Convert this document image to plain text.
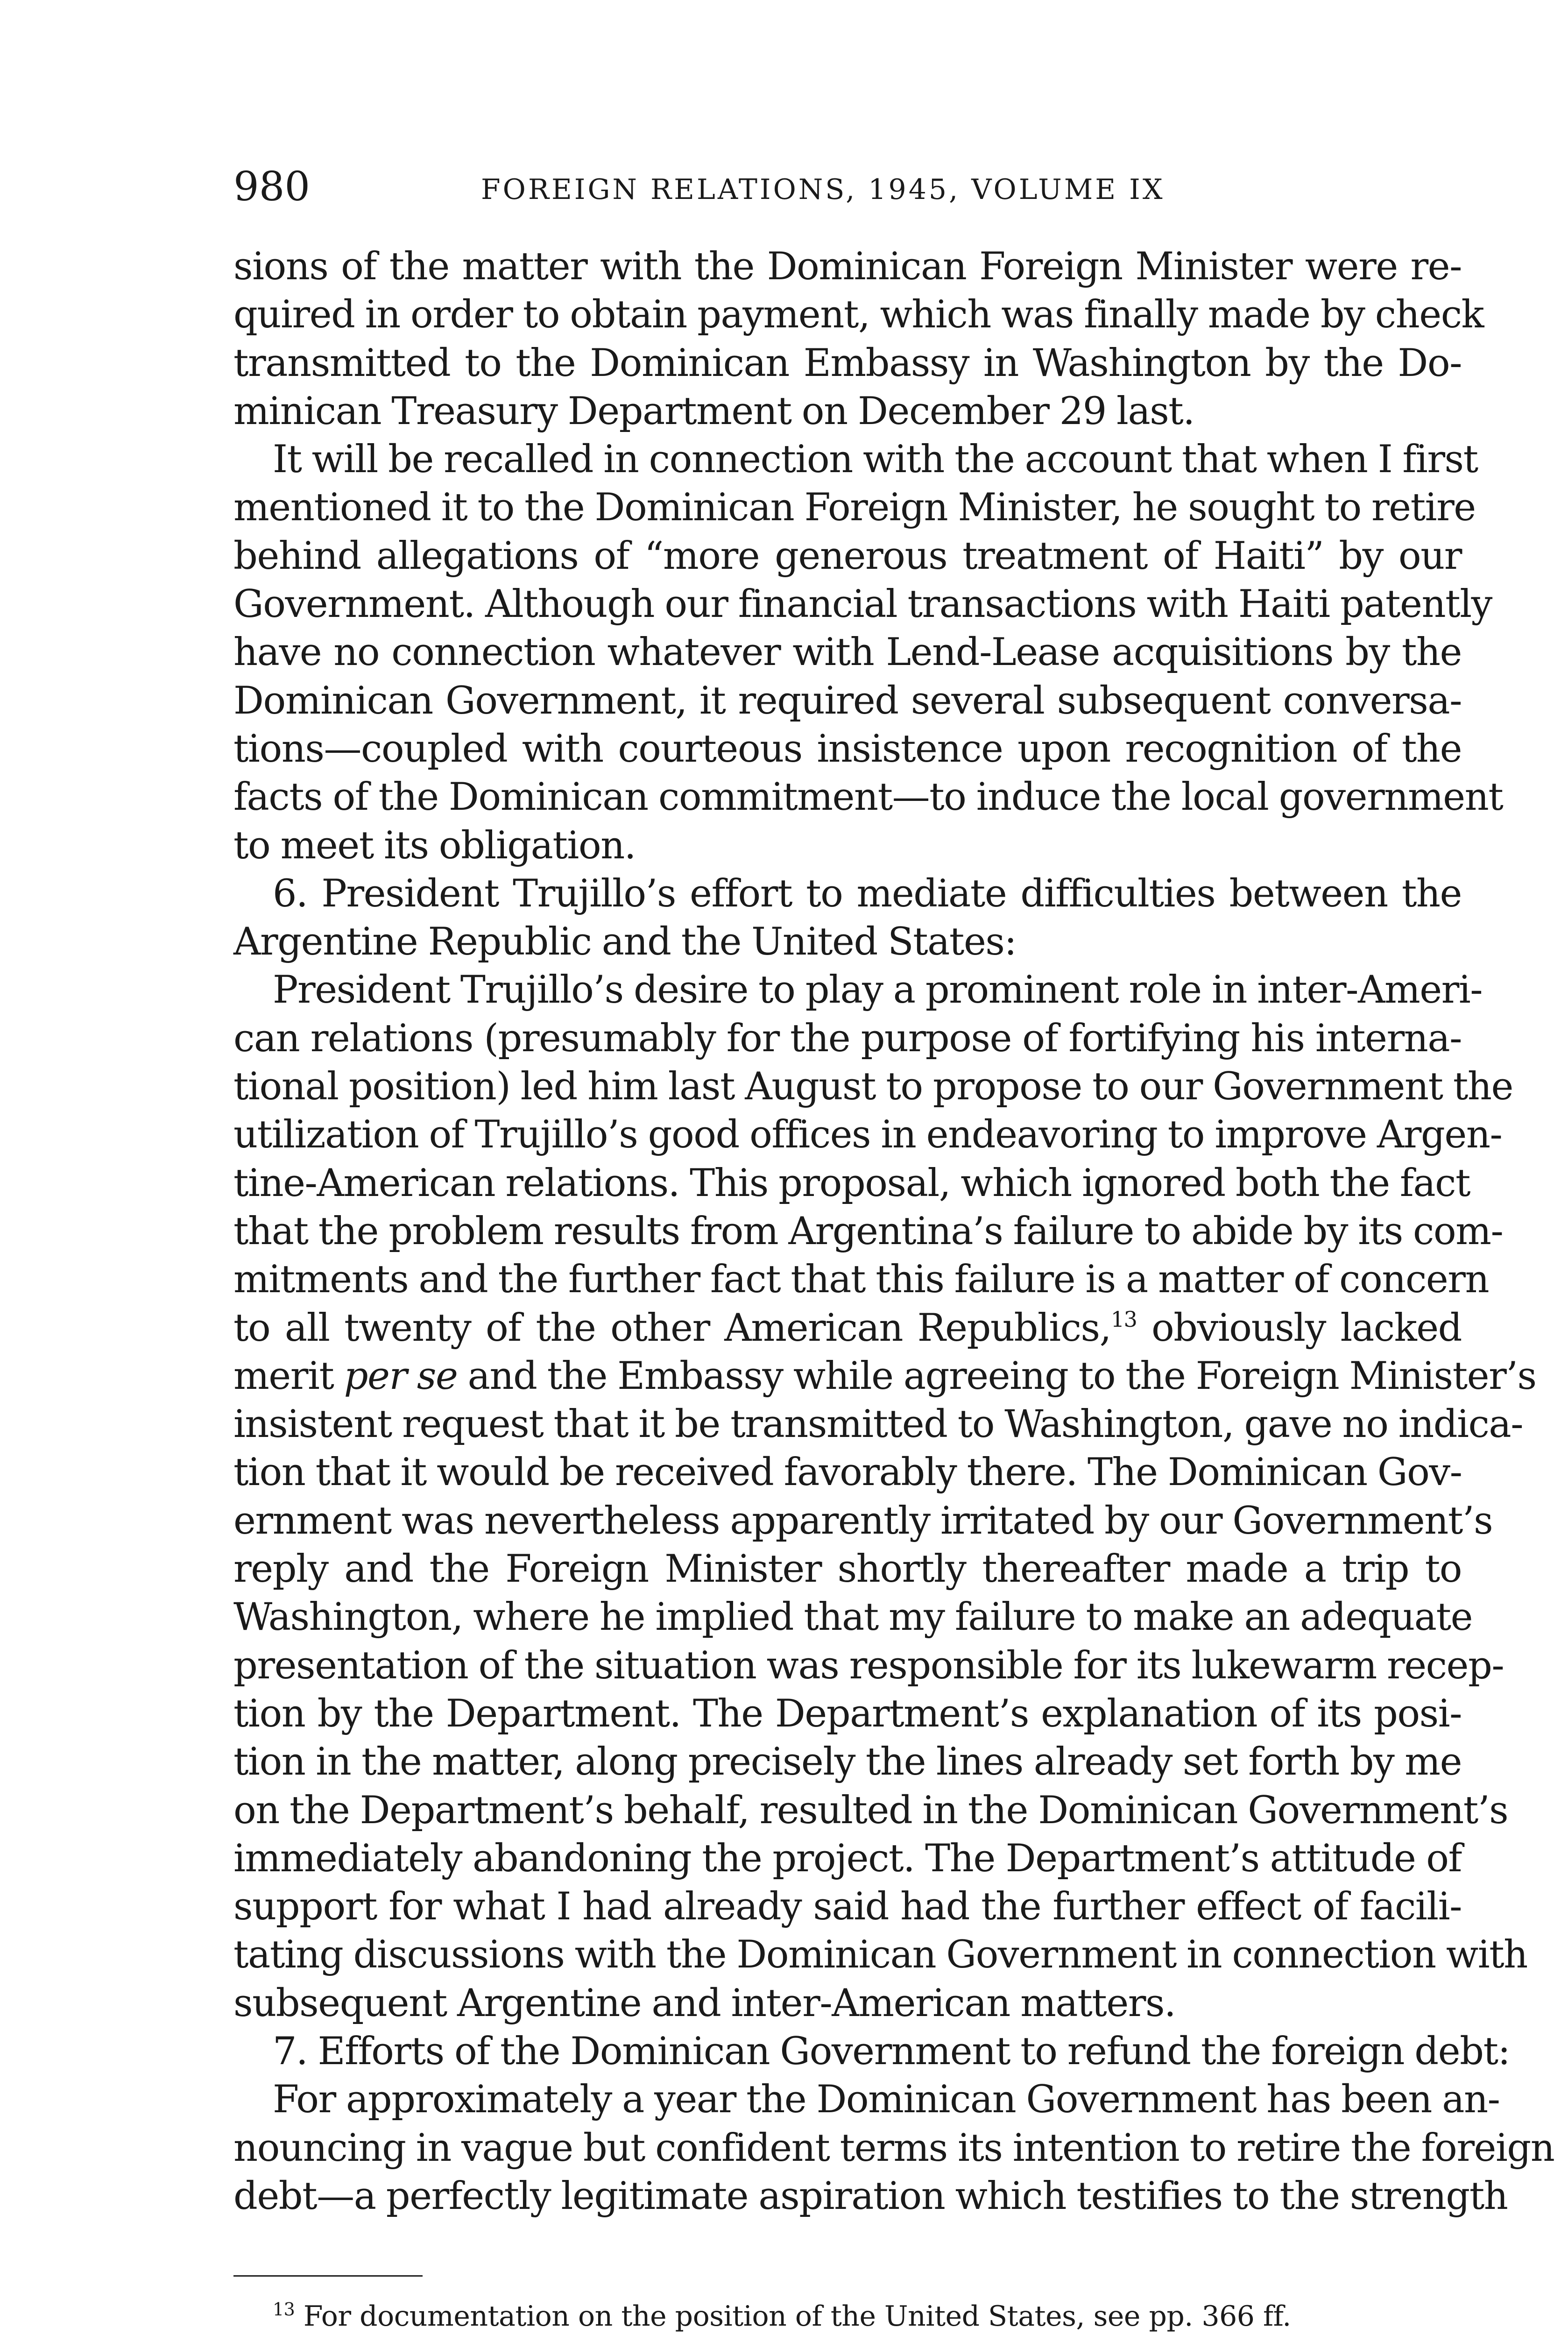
980	FOREIGN RELATIONS, 1945, VOLUME IX
sions of the matter with the Dominican Foreign Minister were re-
quired in order to obtain payment, which was finally made by check
transmitted to the Dominican Embassy in Washington by the Do-
minican Treasury Department on December 29 last.
It will be recalled in connection with the account that when I first
mentioned it to the Dominican Foreign Minister, he sought to retire
behind allegations of “more generous treatment of Haiti” by our
Government. Although our financial transactions with Haiti patently
have no connection whatever with Lend-Lease acquisitions by the
Dominican Government, it required several subsequent conversa-
tions—coupled with courteous insistence upon recognition of the
facts of the Dominican commitment—to induce the local government
to meet its obligation.
6. President Trujillo’s effort to mediate difficulties between the
Argentine Republic and the United States:
President Trujillo’s desire to play a prominent role in inter-Ameri-
can relations (presumably for the purpose of fortifying his interna-
tional position) led him last August to propose to our Government the
utilization of Trujillo’s good offices in endeavoring to improve Argen-
tine-American relations. This proposal, which ignored both the fact
that the problem results from Argentina’s failure to abide by its com-
mitments and the further fact that this failure is a matter of concern
to all twenty of the other American Republics,$^{13}$ obviously lacked
merit per se and the Embassy while agreeing to the Foreign Minister’s
insistent request that it be transmitted to Washington, gave no indica-
tion that it would be received favorably there. The Dominican Gov-
ernment was nevertheless apparently irritated by our Government’s
reply and the Foreign Minister shortly thereafter made a trip to
Washington, where he implied that my failure to make an adequate
presentation of the situation was responsible for its lukewarm recep-
tion by the Department. The Department’s explanation of its posi-
tion in the matter, along precisely the lines already set forth by me
on the Department’s behalf, resulted in the Dominican Government’s
immediately abandoning the project. The Department’s attitude of
support for what I had already said had the further effect of facili-
tating discussions with the Dominican Government in connection with
subsequent Argentine and inter-American matters.
7. Efforts of the Dominican Government to refund the foreign debt:
For approximately a year the Dominican Government has been an-
nouncing in vague but confident terms its intention to retire the foreign
debt—a perfectly legitimate aspiration which testifies to the strength
$^{13}$ For documentation on the position of the United States, see pp. 366 ff.
